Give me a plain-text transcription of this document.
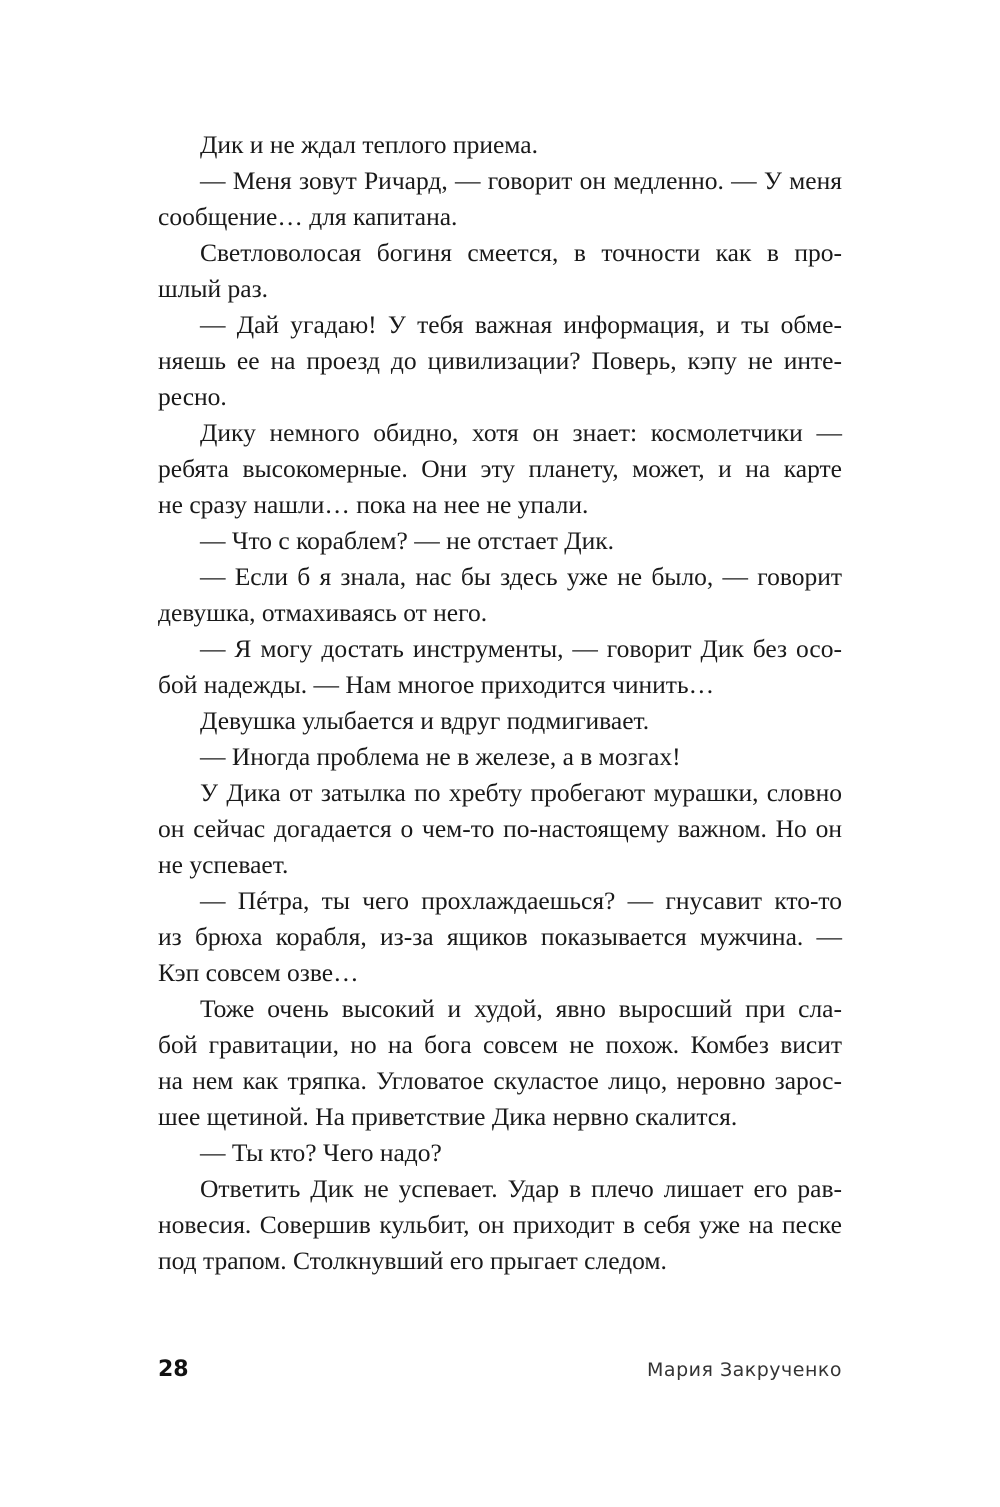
Дик и не ждал теплого приема.
— Меня зовут Ричард, — говорит он медленно. — У меня
сообщение… для капитана.
Светловолосая богиня смеется, в точности как в про-
шлый раз.
— Дай угадаю! У тебя важная информация, и ты обме-
няешь ее на проезд до цивилизации? Поверь, кэпу не инте-
ресно.
Дику немного обидно, хотя он знает: космолетчики —
ребята высокомерные. Они эту планету, может, и на карте
не сразу нашли… пока на нее не упали.
— Что с кораблем? — не отстает Дик.
— Если б я знала, нас бы здесь уже не было, — говорит
девушка, отмахиваясь от него.
— Я могу достать инструменты, — говорит Дик без осо-
бой надежды. — Нам многое приходится чинить…
Девушка улыбается и вдруг подмигивает.
— Иногда проблема не в железе, а в мозгах!
У Дика от затылка по хребту пробегают мурашки, словно
он сейчас догадается о чем-то по-настоящему важном. Но он
не успевает.
— Пéтра, ты чего прохлаждаешься? — гнусавит кто-то
из брюха корабля, из-за ящиков показывается мужчина. —
Кэп совсем озве…
Тоже очень высокий и худой, явно выросший при сла-
бой гравитации, но на бога совсем не похож. Комбез висит
на нем как тряпка. Угловатое скуластое лицо, неровно зарос-
шее щетиной. На приветствие Дика нервно скалится.
— Ты кто? Чего надо?
Ответить Дик не успевает. Удар в плечо лишает его рав-
новесия. Совершив кульбит, он приходит в себя уже на песке
под трапом. Столкнувший его прыгает следом.
28	Мария Закрученко
